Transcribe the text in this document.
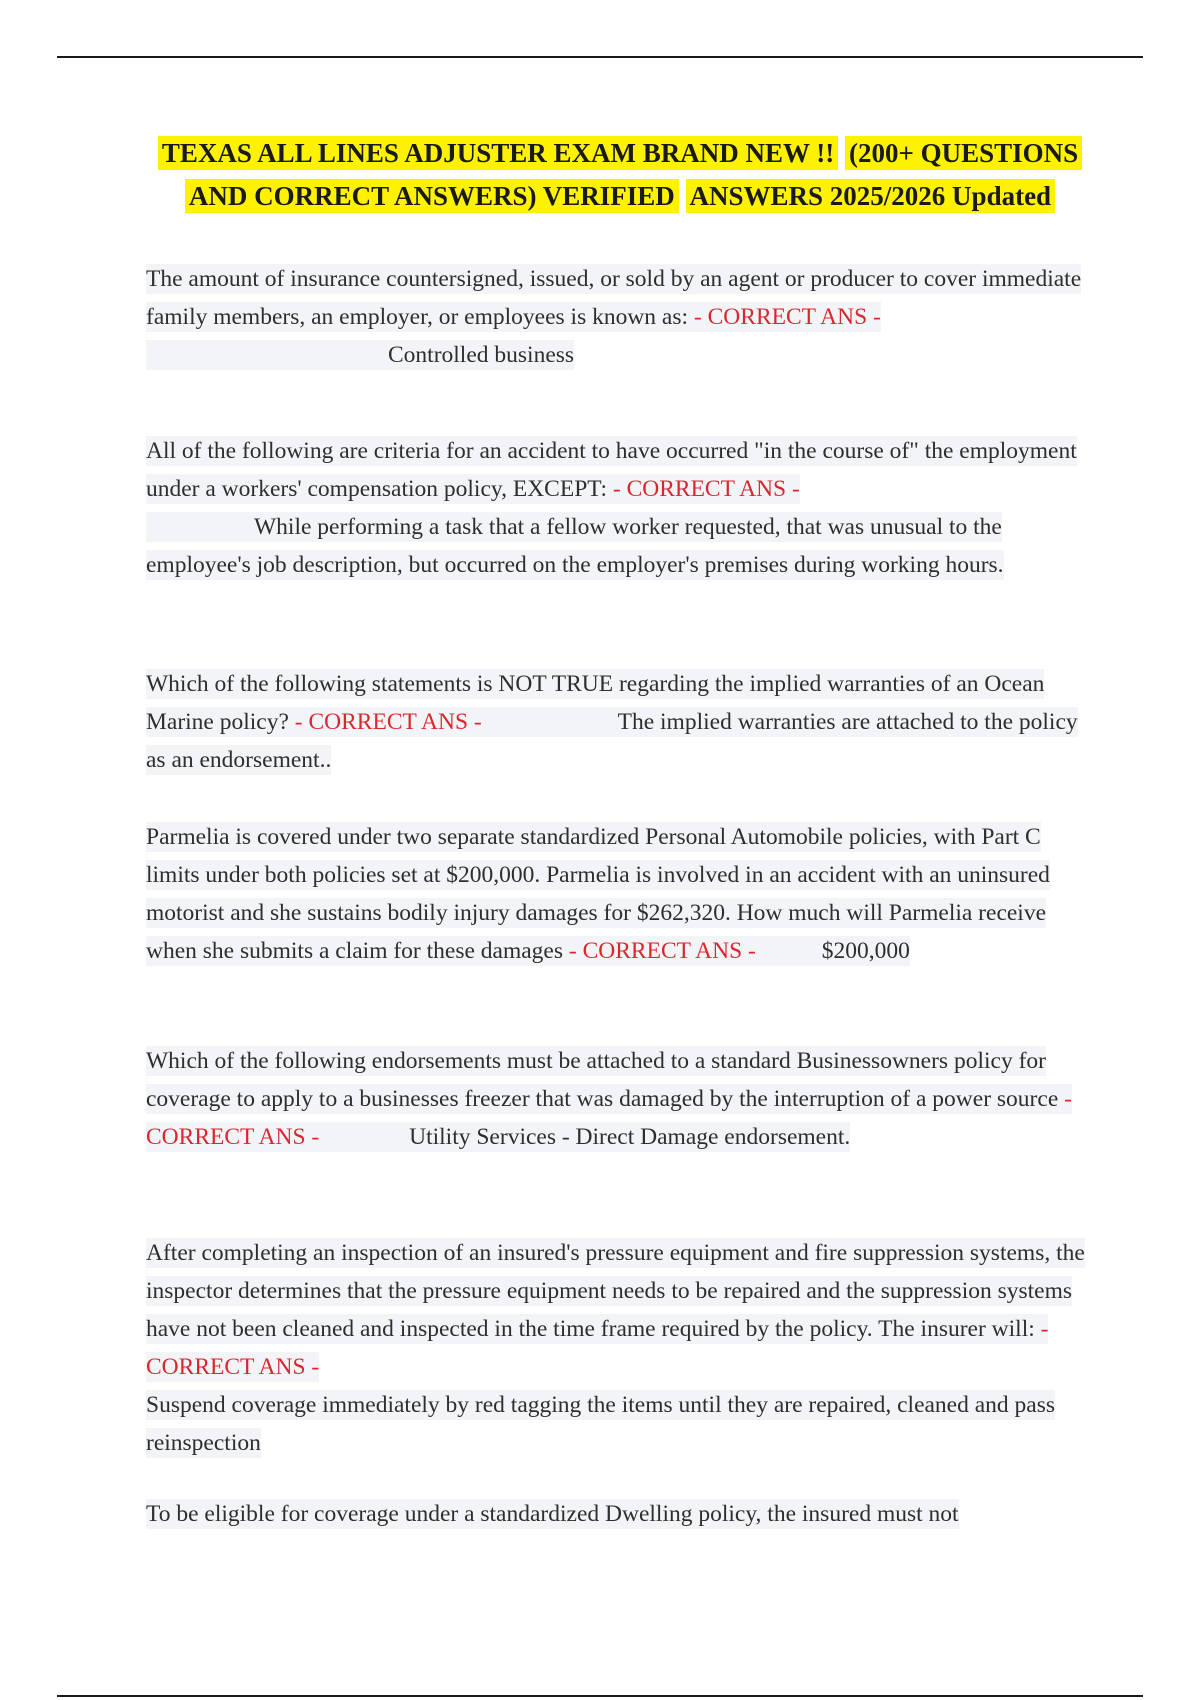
TEXAS ALL LINES ADJUSTER EXAM BRAND NEW !! (200+ QUESTIONS
AND CORRECT ANSWERS) VERIFIED ANSWERS 2025/2026 Updated
The amount of insurance countersigned, issued, or sold by an agent or producer to cover immediate family members, an employer, or employees is known as: - CORRECT ANS -
Controlled business
All of the following are criteria for an accident to have occurred "in the course of" the employment under a workers' compensation policy, EXCEPT: - CORRECT ANS -
While performing a task that a fellow worker requested, that was unusual to the employee's job description, but occurred on the employer's premises during working hours.
Which of the following statements is NOT TRUE regarding the implied warranties of an Ocean Marine policy? - CORRECT ANS -	The implied warranties are attached to the policy as an endorsement..
Parmelia is covered under two separate standardized Personal Automobile policies, with Part C limits under both policies set at $200,000. Parmelia is involved in an accident with an uninsured motorist and she sustains bodily injury damages for $262,320. How much will Parmelia receive when she submits a claim for these damages - CORRECT ANS -	$200,000
Which of the following endorsements must be attached to a standard Businessowners policy for coverage to apply to a businesses freezer that was damaged by the interruption of a power source - CORRECT ANS -	Utility Services - Direct Damage endorsement.
After completing an inspection of an insured's pressure equipment and fire suppression systems, the inspector determines that the pressure equipment needs to be repaired and the suppression systems have not been cleaned and inspected in the time frame required by the policy. The insurer will: - CORRECT ANS -
Suspend coverage immediately by red tagging the items until they are repaired, cleaned and pass reinspection
To be eligible for coverage under a standardized Dwelling policy, the insured must not
